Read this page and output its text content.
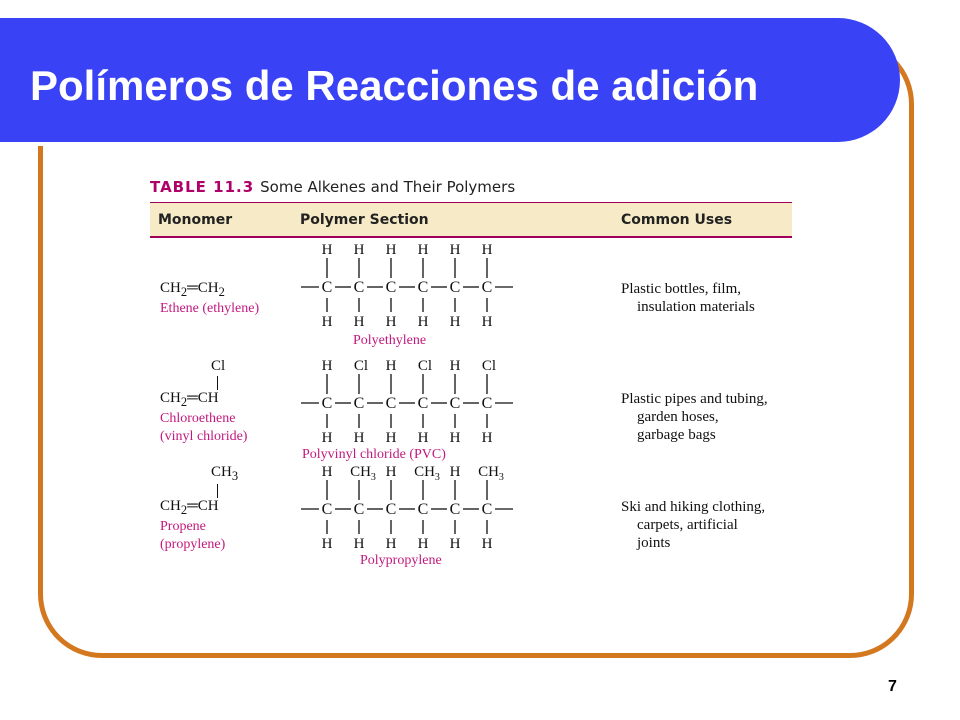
Polímeros de Reacciones de adición
TABLE 11.3 Some Alkenes and Their Polymers
Monomer	Polymer Section	Common Uses
$CH_2═CH_2$
Ethene (ethylene)
C
H
H
C
H
H
C
H
H
C
H
H
C
H
H
C
H
H
Polyethylene
Plastic bottles, film,
insulation materials
Cl
$CH_2═CH$
Chloroethene
(vinyl chloride)
C
H
H
C
Cl
H
C
H
H
C
Cl
H
C
H
H
C
Cl
H
Polyvinyl chloride (PVC)
Plastic pipes and tubing,
garden hoses,
garbage bags
$CH_3$
$CH_2═CH$
Propene
(propylene)
C
H
H
C
$CH_3$
H
C
H
H
C
$CH_3$
H
C
H
H
C
$CH_3$
H
Polypropylene
Ski and hiking clothing,
carpets, artificial
joints
7
